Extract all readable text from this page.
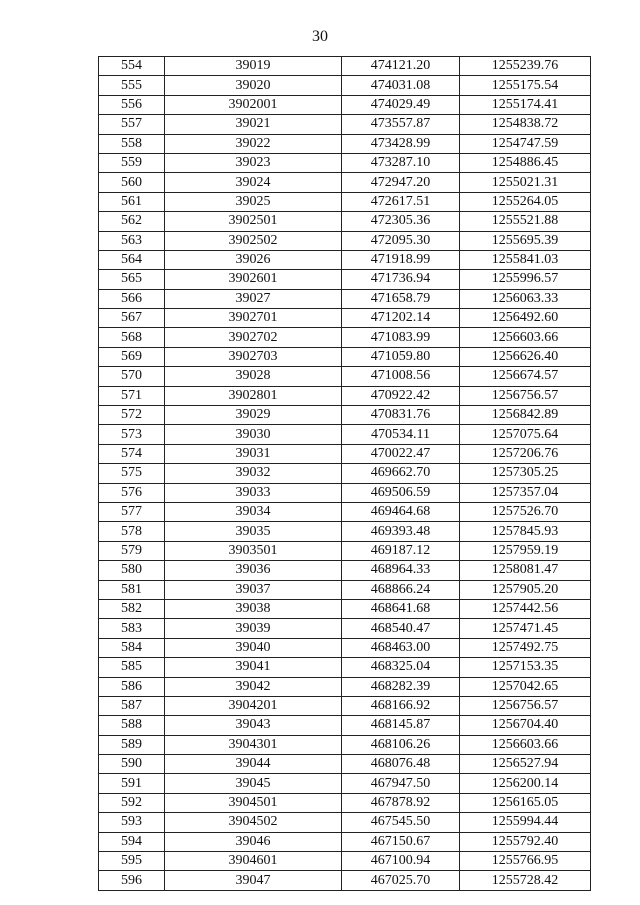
30
554	39019	474121.20	1255239.76
555	39020	474031.08	1255175.54
556	3902001	474029.49	1255174.41
557	39021	473557.87	1254838.72
558	39022	473428.99	1254747.59
559	39023	473287.10	1254886.45
560	39024	472947.20	1255021.31
561	39025	472617.51	1255264.05
562	3902501	472305.36	1255521.88
563	3902502	472095.30	1255695.39
564	39026	471918.99	1255841.03
565	3902601	471736.94	1255996.57
566	39027	471658.79	1256063.33
567	3902701	471202.14	1256492.60
568	3902702	471083.99	1256603.66
569	3902703	471059.80	1256626.40
570	39028	471008.56	1256674.57
571	3902801	470922.42	1256756.57
572	39029	470831.76	1256842.89
573	39030	470534.11	1257075.64
574	39031	470022.47	1257206.76
575	39032	469662.70	1257305.25
576	39033	469506.59	1257357.04
577	39034	469464.68	1257526.70
578	39035	469393.48	1257845.93
579	3903501	469187.12	1257959.19
580	39036	468964.33	1258081.47
581	39037	468866.24	1257905.20
582	39038	468641.68	1257442.56
583	39039	468540.47	1257471.45
584	39040	468463.00	1257492.75
585	39041	468325.04	1257153.35
586	39042	468282.39	1257042.65
587	3904201	468166.92	1256756.57
588	39043	468145.87	1256704.40
589	3904301	468106.26	1256603.66
590	39044	468076.48	1256527.94
591	39045	467947.50	1256200.14
592	3904501	467878.92	1256165.05
593	3904502	467545.50	1255994.44
594	39046	467150.67	1255792.40
595	3904601	467100.94	1255766.95
596	39047	467025.70	1255728.42
